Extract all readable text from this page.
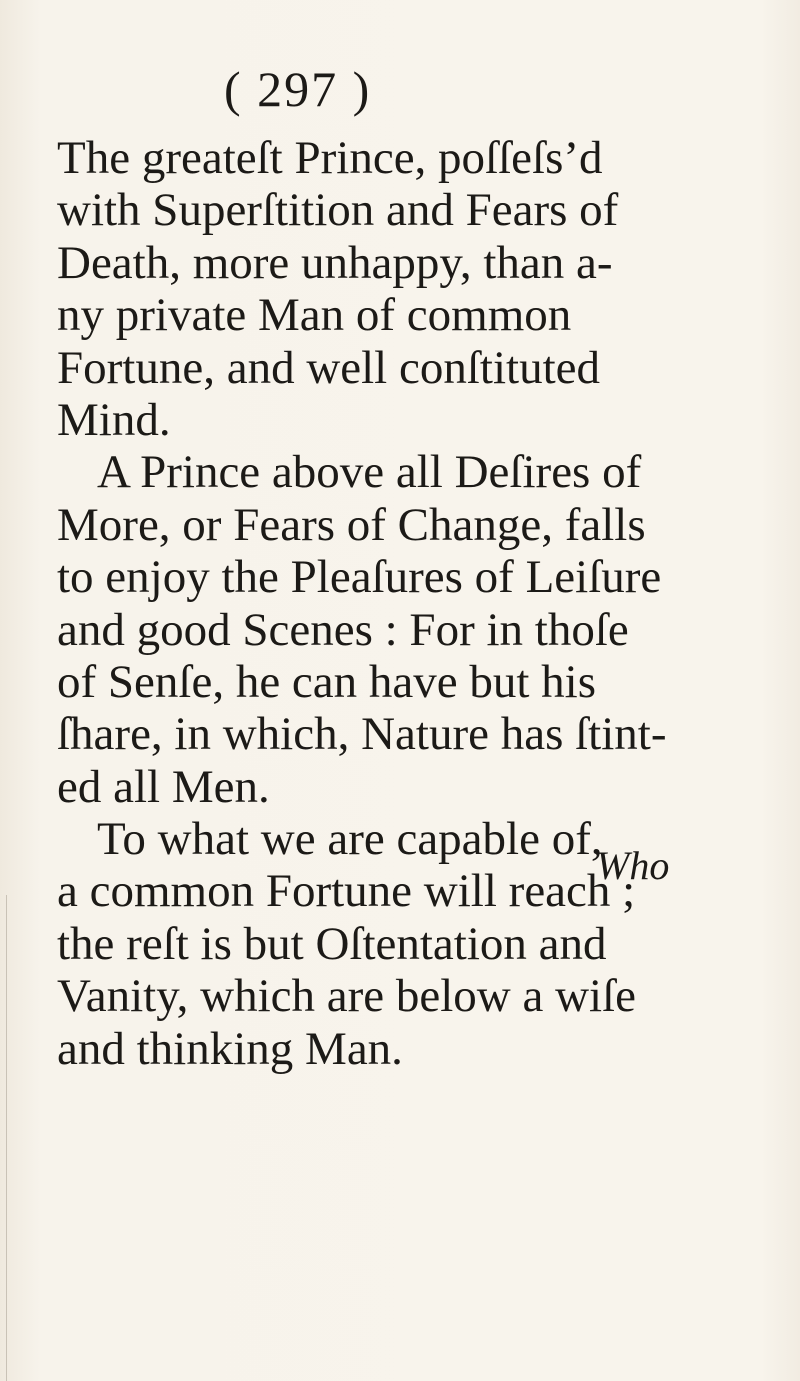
( 297 )
The greateſt Prince, poſſeſs’d
with Superſtition and Fears of
Death, more unhappy, than a-
ny private Man of common
Fortune, and well conſtituted
Mind.
A Prince above all Deſires of
More, or Fears of Change, falls
to enjoy the Pleaſures of Leiſure
and good Scenes : For in thoſe
of Senſe, he can have but his
ſhare, in which, Nature has ſtint-
ed all Men.
To what we are capable of,
a common Fortune will reach ;
the reſt is but Oſtentation and
Vanity, which are below a wiſe
and thinking Man.
Who
